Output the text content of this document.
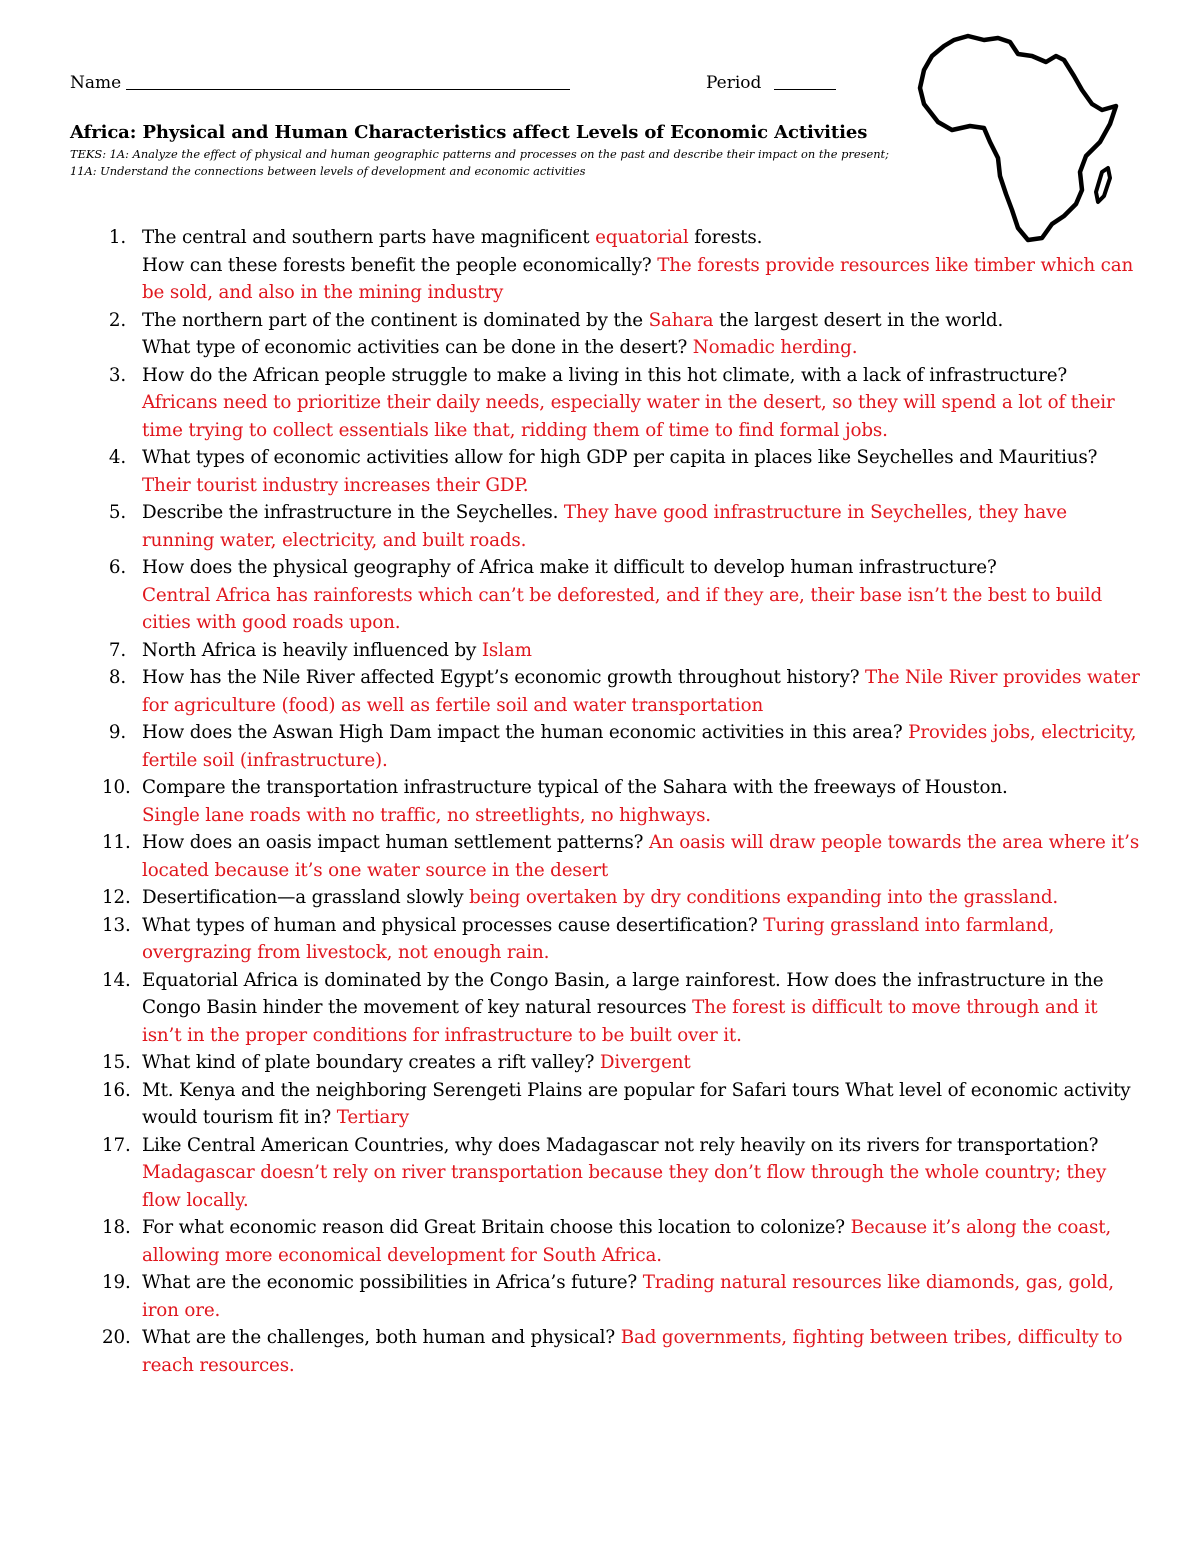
Name	Period
Africa: Physical and Human Characteristics affect Levels of Economic Activities
TEKS: 1A: Analyze the effect of physical and human geographic patterns and processes on the past and describe their impact on the present; 11A: Understand the connections between levels of development and economic activities
1. The central and southern parts have magnificent equatorial forests.
How can these forests benefit the people economically? The forests provide resources like timber which can be sold, and also in the mining industry
2. The northern part of the continent is dominated by the Sahara the largest desert in the world.
What type of economic activities can be done in the desert? Nomadic herding.
3. How do the African people struggle to make a living in this hot climate, with a lack of infrastructure? Africans need to prioritize their daily needs, especially water in the desert, so they will spend a lot of their time trying to collect essentials like that, ridding them of time to find formal jobs.
4. What types of economic activities allow for high GDP per capita in places like Seychelles and Mauritius? Their tourist industry increases their GDP.
5. Describe the infrastructure in the Seychelles. They have good infrastructure in Seychelles, they have running water, electricity, and built roads.
6. How does the physical geography of Africa make it difficult to develop human infrastructure?
Central Africa has rainforests which can’t be deforested, and if they are, their base isn’t the best to build cities with good roads upon.
7. North Africa is heavily influenced by Islam
8. How has the Nile River affected Egypt’s economic growth throughout history? The Nile River provides water for agriculture (food) as well as fertile soil and water transportation
9. How does the Aswan High Dam impact the human economic activities in this area? Provides jobs, electricity, fertile soil (infrastructure).
10. Compare the transportation infrastructure typical of the Sahara with the freeways of Houston.
Single lane roads with no traffic, no streetlights, no highways.
11. How does an oasis impact human settlement patterns? An oasis will draw people towards the area where it’s located because it’s one water source in the desert
12. Desertification—a grassland slowly being overtaken by dry conditions expanding into the grassland.
13. What types of human and physical processes cause desertification? Turing grassland into farmland, overgrazing from livestock, not enough rain.
14. Equatorial Africa is dominated by the Congo Basin, a large rainforest. How does the infrastructure in the Congo Basin hinder the movement of key natural resources The forest is difficult to move through and it isn’t in the proper conditions for infrastructure to be built over it.
15. What kind of plate boundary creates a rift valley? Divergent
16. Mt. Kenya and the neighboring Serengeti Plains are popular for Safari tours What level of economic activity would tourism fit in? Tertiary
17. Like Central American Countries, why does Madagascar not rely heavily on its rivers for transportation? Madagascar doesn’t rely on river transportation because they don’t flow through the whole country; they flow locally.
18. For what economic reason did Great Britain choose this location to colonize? Because it’s along the coast, allowing more economical development for South Africa.
19. What are the economic possibilities in Africa’s future? Trading natural resources like diamonds, gas, gold, iron ore.
20. What are the challenges, both human and physical? Bad governments, fighting between tribes, difficulty to reach resources.
